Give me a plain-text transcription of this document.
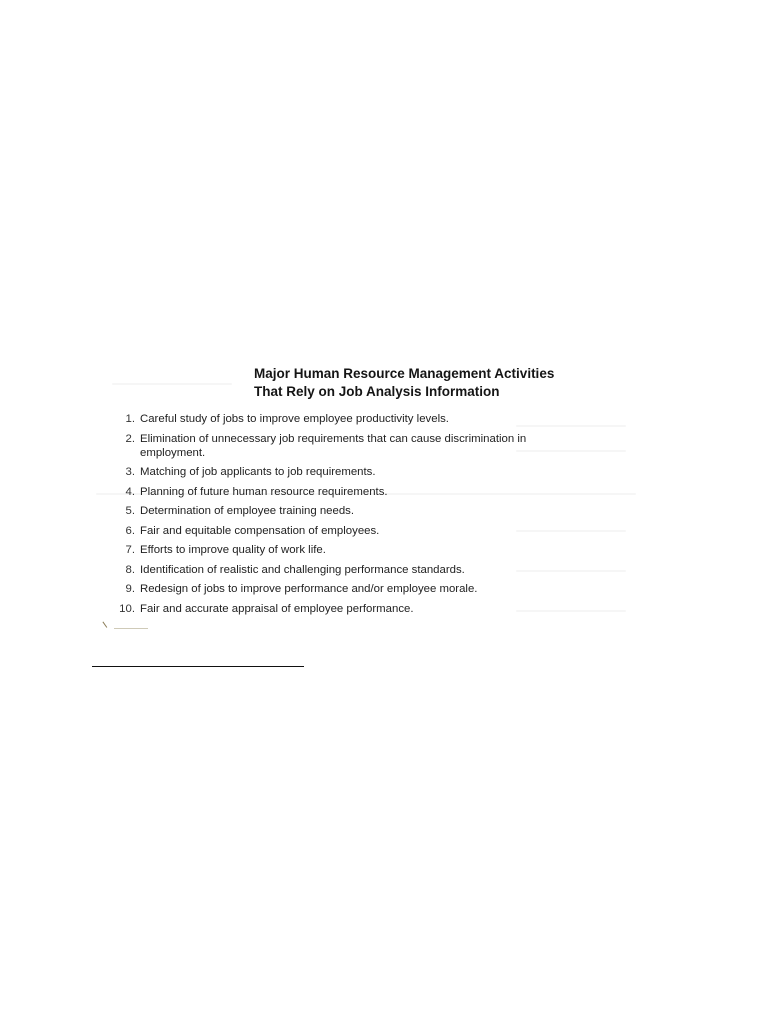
Major Human Resource Management Activities
That Rely on Job Analysis Information
1. Careful study of jobs to improve employee productivity levels.
2. Elimination of unnecessary job requirements that can cause discrimination in employment.
3. Matching of job applicants to job requirements.
4. Planning of future human resource requirements.
5. Determination of employee training needs.
6. Fair and equitable compensation of employees.
7. Efforts to improve quality of work life.
8. Identification of realistic and challenging performance standards.
9. Redesign of jobs to improve performance and/or employee morale.
10. Fair and accurate appraisal of employee performance.
